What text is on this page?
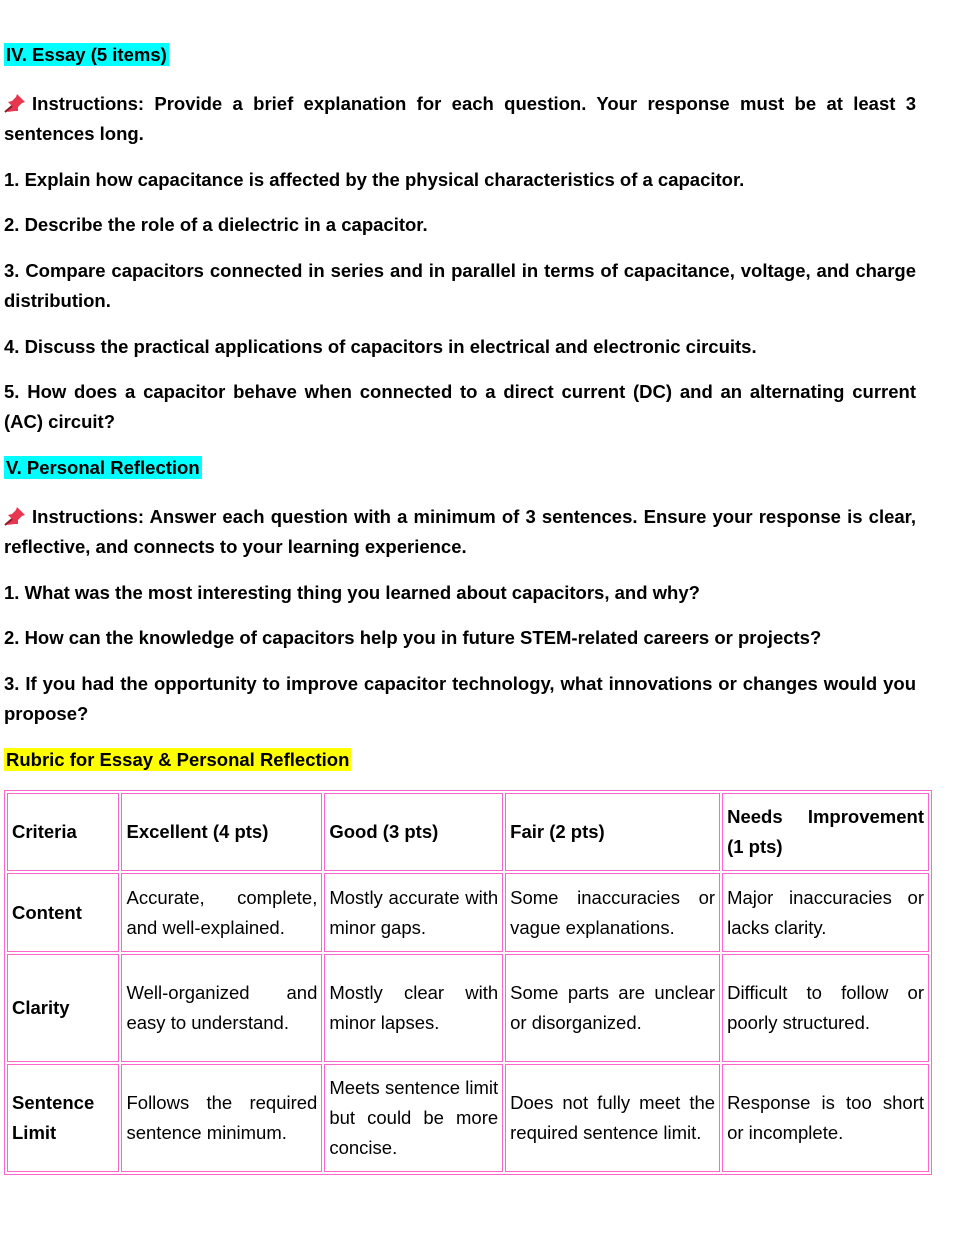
IV. Essay (5 items)
Instructions: Provide a brief explanation for each question. Your response must be at least 3 sentences long.
1. Explain how capacitance is affected by the physical characteristics of a capacitor.
2. Describe the role of a dielectric in a capacitor.
3. Compare capacitors connected in series and in parallel in terms of capacitance, voltage, and charge distribution.
4. Discuss the practical applications of capacitors in electrical and electronic circuits.
5. How does a capacitor behave when connected to a direct current (DC) and an alternating current (AC) circuit?
V. Personal Reflection
Instructions: Answer each question with a minimum of 3 sentences. Ensure your response is clear, reflective, and connects to your learning experience.
1. What was the most interesting thing you learned about capacitors, and why?
2. How can the knowledge of capacitors help you in future STEM-related careers or projects?
3. If you had the opportunity to improve capacitor technology, what innovations or changes would you propose?
Rubric for Essay & Personal Reflection
Criteria	Excellent (4 pts)	Good (3 pts)	Fair (2 pts)	Needs Improvement (1 pts)
Content	Accurate, complete, and well-explained.	Mostly accurate with minor gaps.	Some inaccuracies or vague explanations.	Major inaccuracies or lacks clarity.
Clarity	Well-organized and easy to understand.	Mostly clear with minor lapses.	Some parts are unclear or disorganized.	Difficult to follow or poorly structured.
Sentence Limit	Follows the required sentence minimum.	Meets sentence limit but could be more concise.	Does not fully meet the required sentence limit.	Response is too short or incomplete.
